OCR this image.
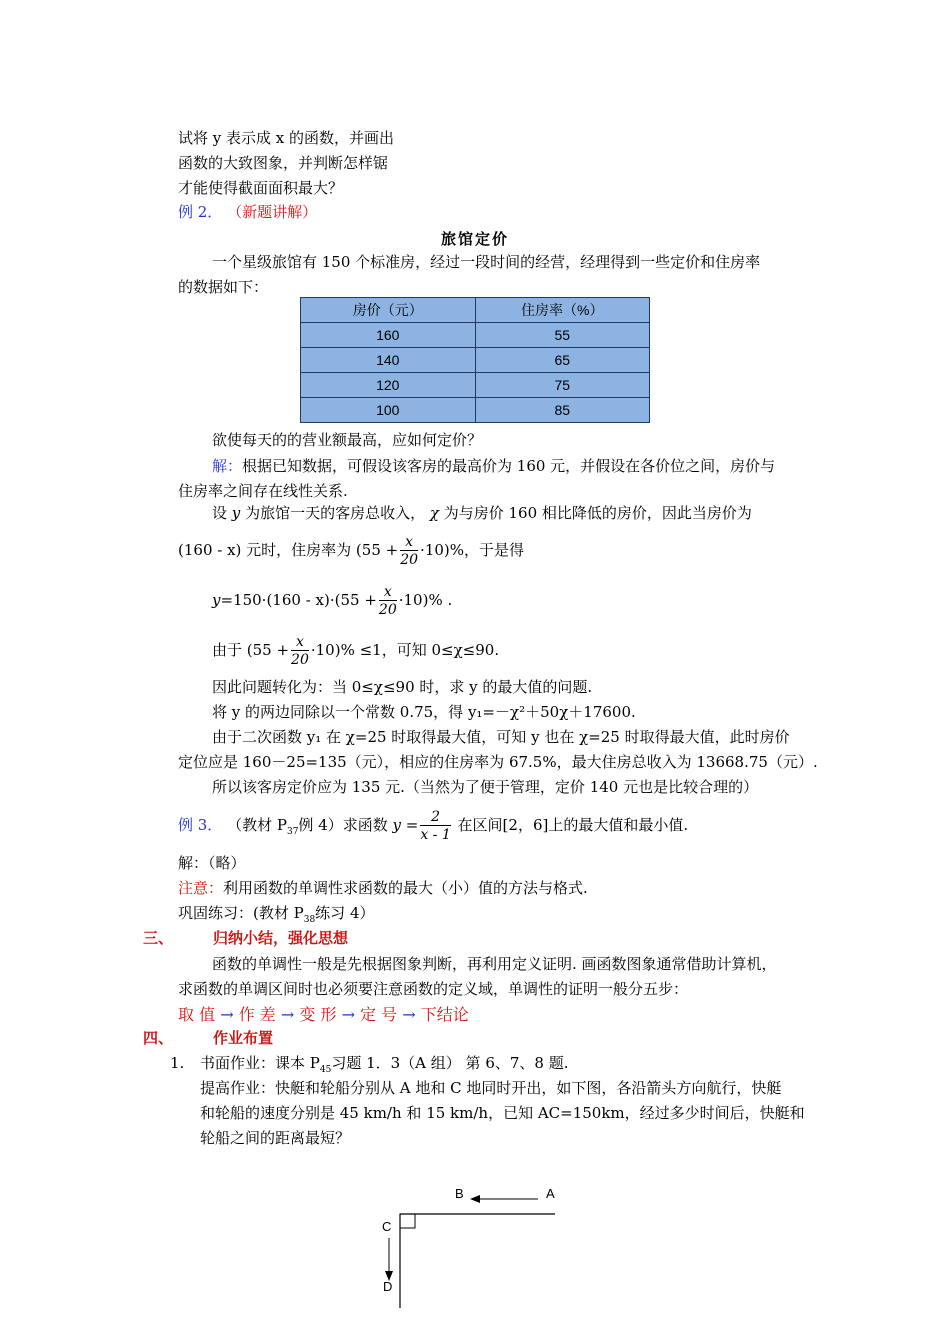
试将 y 表示成 x 的函数，并画出
函数的大致图象，并判断怎样锯
才能使得截面面积最大？
例 2． （新题讲解）
旅馆定价
一个星级旅馆有 150 个标准房，经过一段时间的经营，经理得到一些定价和住房率
的数据如下：
房价（元）	住房率（%）
160	55
140	65
120	75
100	85
欲使每天的的营业额最高，应如何定价？
解：根据已知数据，可假设该客房的最高价为 160 元，并假设在各价位之间，房价与
住房率之间存在线性关系.
设 y 为旅馆一天的客房总收入， χ 为与房价 160 相比降低的房价，因此当房价为
(160 - x) 元时，住房率为 $(55 + \frac{x}{20} \cdot 10)\%$，于是得
$y=150\cdot(160 - x)\cdot(55 + \frac{x}{20} \cdot 10)\%$ .
由于 $(55 + \frac{x}{20} \cdot 10)\% \le 1$，可知 0≤χ≤90.
因此问题转化为：当 0≤χ≤90 时，求 y 的最大值的问题.
将 y 的两边同除以一个常数 0.75，得 y₁=－χ²＋50χ＋17600.
由于二次函数 y₁ 在 χ=25 时取得最大值，可知 y 也在 χ=25 时取得最大值，此时房价
定位应是 160－25=135（元），相应的住房率为 67.5%，最大住房总收入为 13668.75（元）.
所以该客房定价应为 135 元.（当然为了便于管理，定价 140 元也是比较合理的）
例 3． （教材 $P_{37}$例 4）求函数 $y = \frac{2}{x - 1}$ 在区间[2，6]上的最大值和最小值.
解：（略）
注意：利用函数的单调性求函数的最大（小）值的方法与格式.
巩固练习：(教材 $P_{38}$练习 4）
三、	归纳小结，强化思想
函数的单调性一般是先根据图象判断，再利用定义证明. 画函数图象通常借助计算机，
求函数的单调区间时也必须要注意函数的定义域，单调性的证明一般分五步：
取 值 → 作 差 → 变 形 → 定 号 → 下结论
四、	作业布置
1. 书面作业：课本 $P_{45}$习题 1．3（A 组） 第 6、7、8 题.
提高作业：快艇和轮船分别从 A 地和 C 地同时开出，如下图，各沿箭头方向航行，快艇
和轮船的速度分别是 45 km/h 和 15 km/h，已知 AC=150km，经过多少时间后，快艇和
轮船之间的距离最短？
B	A
C
D
